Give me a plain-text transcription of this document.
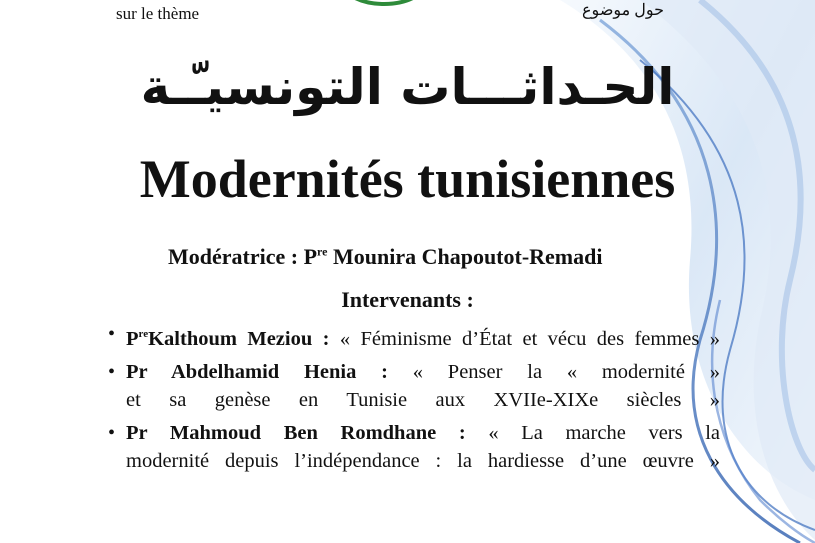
sur le thème	حول موضوع
الحـداثـــات التونسيـّـة
Modernités tunisiennes
Modératrice : $P^{re}$ Mounira Chapoutot-Remadi
Intervenants :
• $P^{re}Kalthoum$ Meziou : « Féminisme d’État et vécu des femmes »
• Pr Abdelhamid Henia : « Penser la « modernité »
et sa genèse en Tunisie aux XVIIe-XIXe siècles »
• Pr Mahmoud Ben Romdhane : « La marche vers la
modernité depuis l’indépendance : la hardiesse d’une œuvre »
